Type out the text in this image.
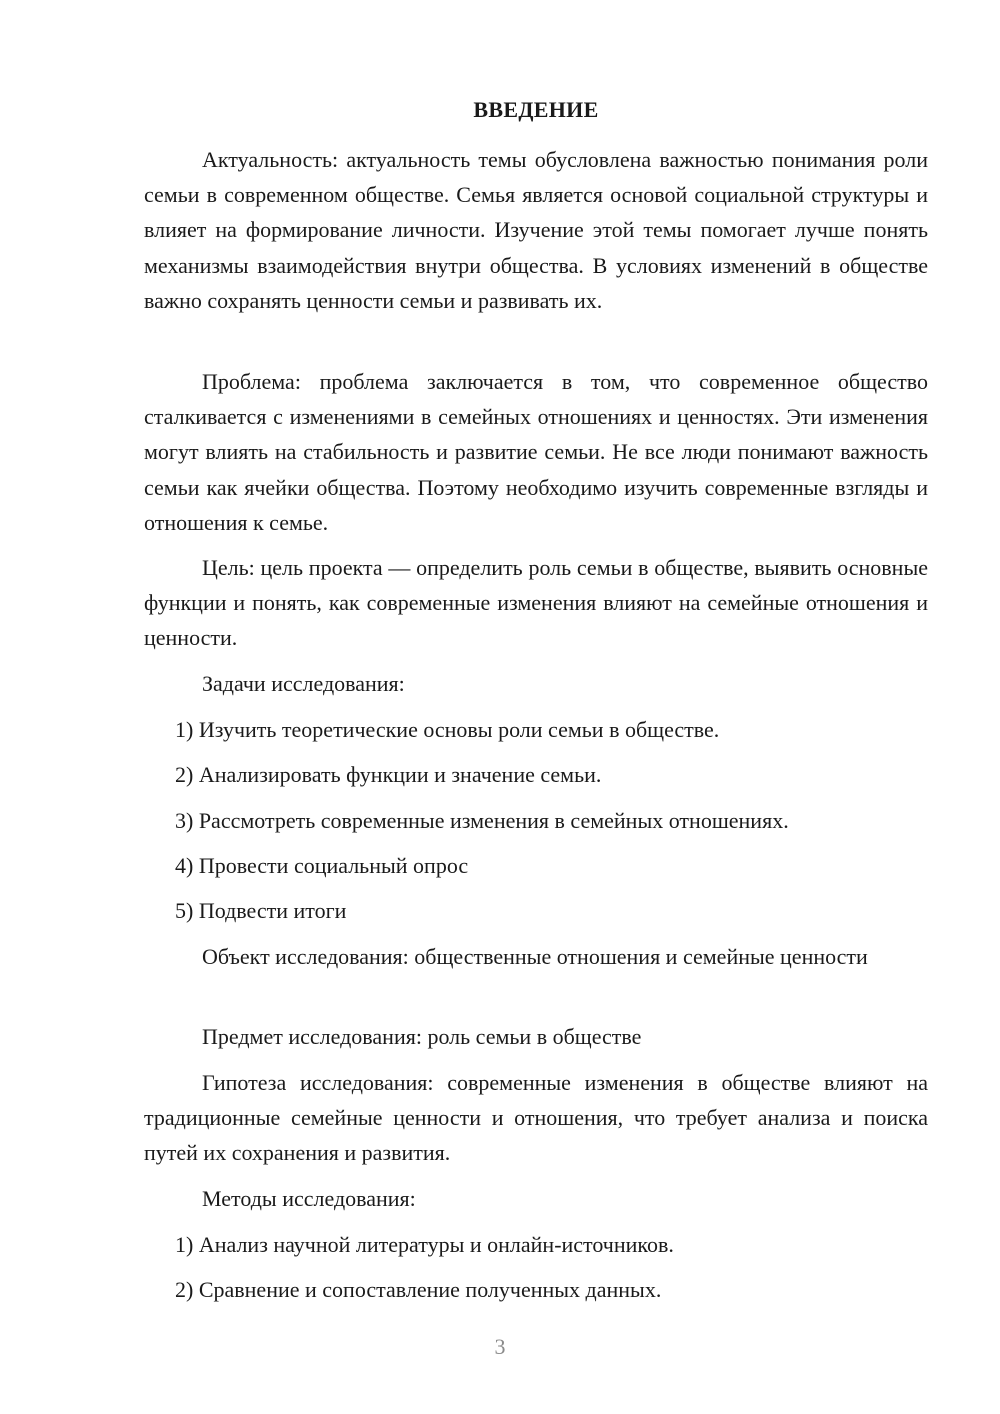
ВВЕДЕНИЕ
Актуальность: актуальность темы обусловлена важностью понимания роли семьи в современном обществе. Семья является основой социальной структуры и влияет на формирование личности. Изучение этой темы помогает лучше понять механизмы взаимодействия внутри общества. В условиях изменений в обществе важно сохранять ценности семьи и развивать их.
Проблема: проблема заключается в том, что современное общество сталкивается с изменениями в семейных отношениях и ценностях. Эти изменения могут влиять на стабильность и развитие семьи. Не все люди понимают важность семьи как ячейки общества. Поэтому необходимо изучить современные взгляды и отношения к семье.
Цель: цель проекта — определить роль семьи в обществе, выявить основные функции и понять, как современные изменения влияют на семейные отношения и ценности.
Задачи исследования:
1) Изучить теоретические основы роли семьи в обществе.
2) Анализировать функции и значение семьи.
3) Рассмотреть современные изменения в семейных отношениях.
4) Провести социальный опрос
5) Подвести итоги
Объект исследования: общественные отношения и семейные ценности
Предмет исследования: роль семьи в обществе
Гипотеза исследования: современные изменения в обществе влияют на традиционные семейные ценности и отношения, что требует анализа и поиска путей их сохранения и развития.
Методы исследования:
1) Анализ научной литературы и онлайн-источников.
2) Сравнение и сопоставление полученных данных.
3
